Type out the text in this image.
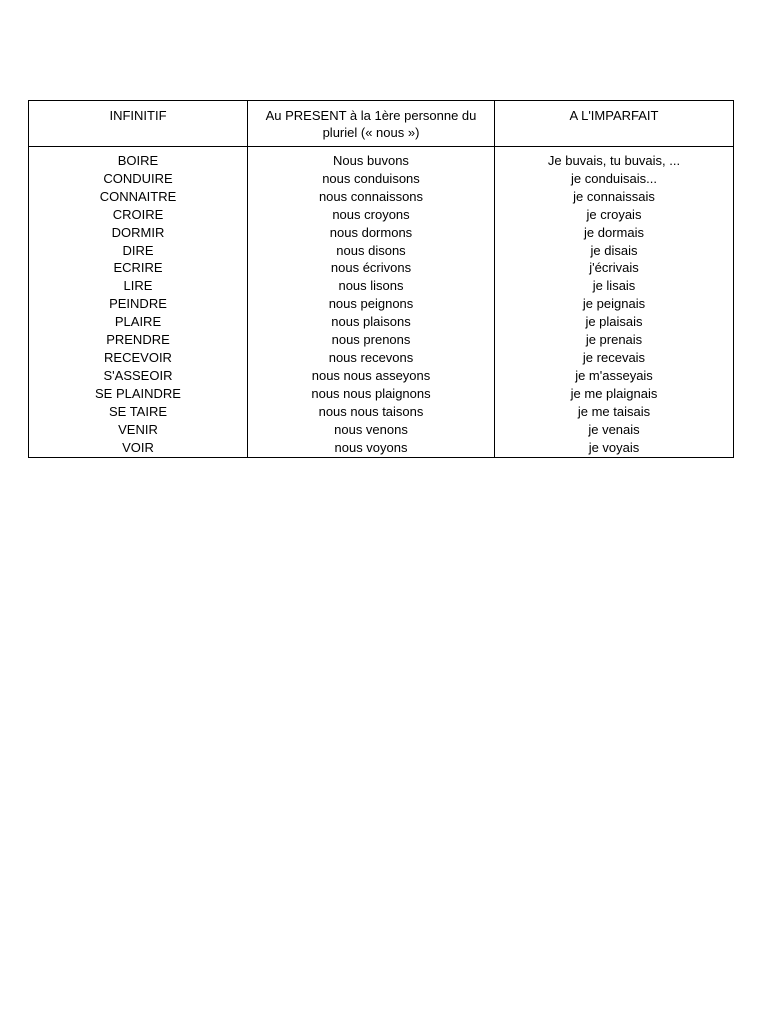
INFINITIF	Au PRESENT à la 1ère personne du pluriel (« nous »)	A L'IMPARFAIT
BOIRE	Nous buvons	Je buvais, tu buvais, ...
CONDUIRE	nous conduisons	je conduisais...
CONNAITRE	nous connaissons	je connaissais
CROIRE	nous croyons	je croyais
DORMIR	nous dormons	je dormais
DIRE	nous disons	je disais
ECRIRE	nous écrivons	j'écrivais
LIRE	nous lisons	je lisais
PEINDRE	nous peignons	je peignais
PLAIRE	nous plaisons	je plaisais
PRENDRE	nous prenons	je prenais
RECEVOIR	nous recevons	je recevais
S'ASSEOIR	nous nous asseyons	je m'asseyais
SE PLAINDRE	nous nous plaignons	je me plaignais
SE TAIRE	nous nous taisons	je me taisais
VENIR	nous venons	je venais
VOIR	nous voyons	je voyais
